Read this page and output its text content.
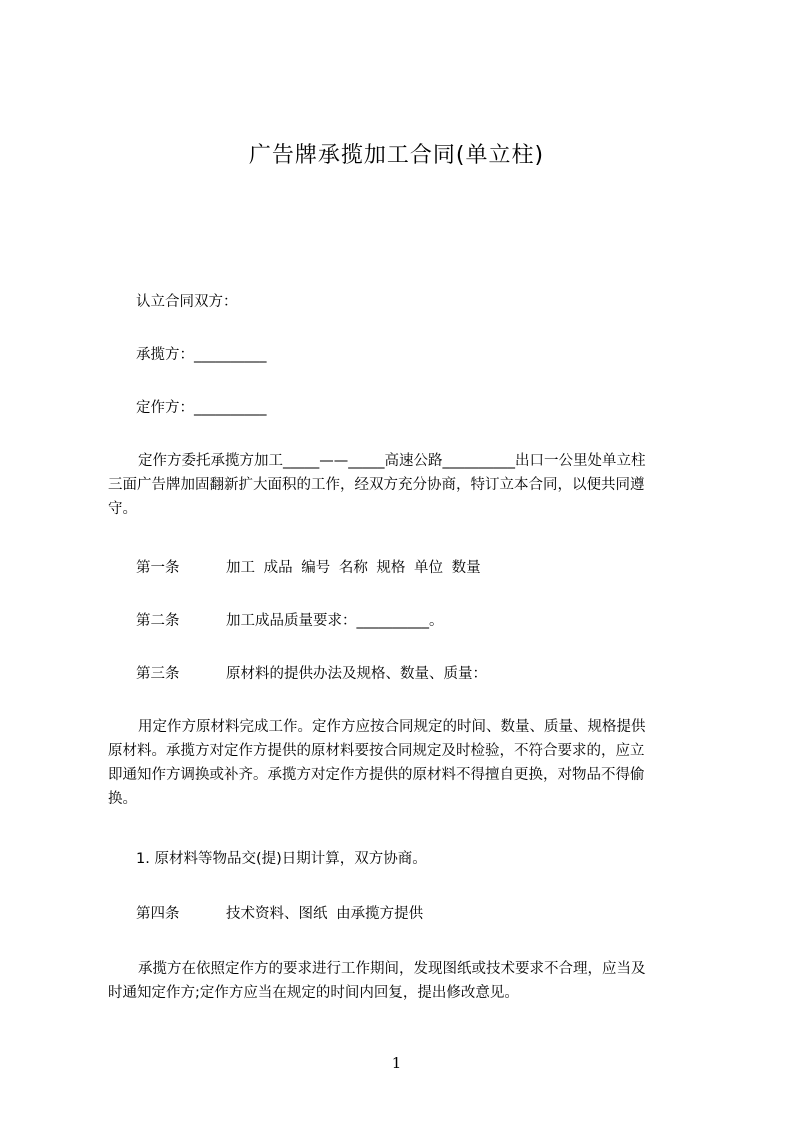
广告牌承揽加工合同(单立柱)
认立合同双方：
承揽方：__________
定作方：__________
定作方委托承揽方加工_____——_____高速公路__________出口一公里处单立柱
三面广告牌加固翻新扩大面积的工作，经双方充分协商，特订立本合同，以便共同遵
守。
第一条	加工 成品 编号 名称 规格 单位 数量
第二条	加工成品质量要求：__________。
第三条	原材料的提供办法及规格、数量、质量：
用定作方原材料完成工作。定作方应按合同规定的时间、数量、质量、规格提供
原材料。承揽方对定作方提供的原材料要按合同规定及时检验，不符合要求的，应立
即通知作方调换或补齐。承揽方对定作方提供的原材料不得擅自更换，对物品不得偷
换。
1. 原材料等物品交(提)日期计算，双方协商。
第四条	技术资料、图纸 由承揽方提供
承揽方在依照定作方的要求进行工作期间，发现图纸或技术要求不合理，应当及
时通知定作方;定作方应当在规定的时间内回复，提出修改意见。
1
